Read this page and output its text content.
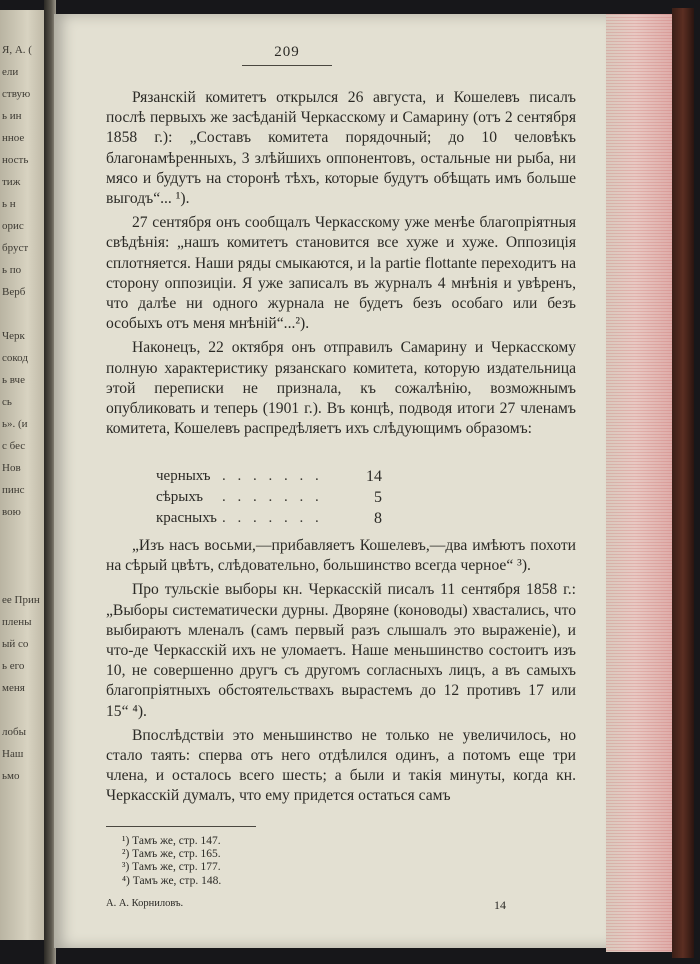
Я, А. (
ели
ствую
ь ин
нное
ность
тиж
ь н
орис
бруст
ь по
Верб
Черк
сокод
ь вче
сь
ь». (и
с бес
Нов
пинс
вою
ее Прин
плены
ый со
ь его
меня
лобы
Наш
ьмо
209

Рязанскій комитетъ открылся 26 августа, и Кошелевъ писалъ послѣ первыхъ же засѣданій Черкасскому и Самарину (отъ 2 сентября 1858 г.): „Составъ комитета порядочный; до 10 человѣкъ благонамѣренныхъ, 3 злѣйшихъ оппонентовъ, остальные ни рыба, ни мясо и будутъ на сторонѣ тѣхъ, которые будутъ обѣщать имъ больше выгодъ“... ¹).

27 сентября онъ сообщалъ Черкасскому уже менѣе благопріятныя свѣдѣнія: „нашъ комитетъ становится все хуже и хуже. Оппозиція сплотняется. Наши ряды смыкаются, и la partie flottante переходитъ на сторону оппозиціи. Я уже записалъ въ журналъ 4 мнѣнія и увѣренъ, что далѣе ни одного журнала не будетъ безъ особаго или безъ особыхъ отъ меня мнѣній“...²).

Наконецъ, 22 октября онъ отправилъ Самарину и Черкасскому полную характеристику рязанскаго комитета, которую издательница этой переписки не признала, къ сожалѣнію, возможнымъ опубликовать и теперь (1901 г.). Въ концѣ, подводя итоги 27 членамъ комитета, Кошелевъ распредѣляетъ ихъ слѣдующимъ образомъ:

черныхъ . . . . . . .	14
сѣрыхъ	. . . . . . .	5
красныхъ . . . . . . .	8

„Изъ насъ восьми,—прибавляетъ Кошелевъ,—два имѣютъ похоти на сѣрый цвѣтъ, слѣдовательно, большинство всегда черное“ ³).

Про тульскіе выборы кн. Черкасскій писалъ 11 сентября 1858 г.: „Выборы систематически дурны. Дворяне (коноводы) хвастались, что выбираютъ мленалъ (самъ первый разъ слышалъ это выраженіе), и что-де Черкасскій ихъ не уломаетъ. Наше меньшинство состоитъ изъ 10, не совершенно другъ съ другомъ согласныхъ лицъ, а въ самыхъ благопріятныхъ обстоятельствахъ вырастемъ до 12 противъ 17 или 15“ ⁴).

Впослѣдствіи это меньшинство не только не увеличилось, но стало таять: сперва отъ него отдѣлился одинъ, а потомъ еще три члена, и осталось всего шесть; а были и такія минуты, когда кн. Черкасскій думалъ, что ему придется остаться самъ

¹) Тамъ же, стр. 147.
²) Тамъ же, стр. 165.
³) Тамъ же, стр. 177.
⁴) Тамъ же, стр. 148.
А. А. Корниловъ.	14
